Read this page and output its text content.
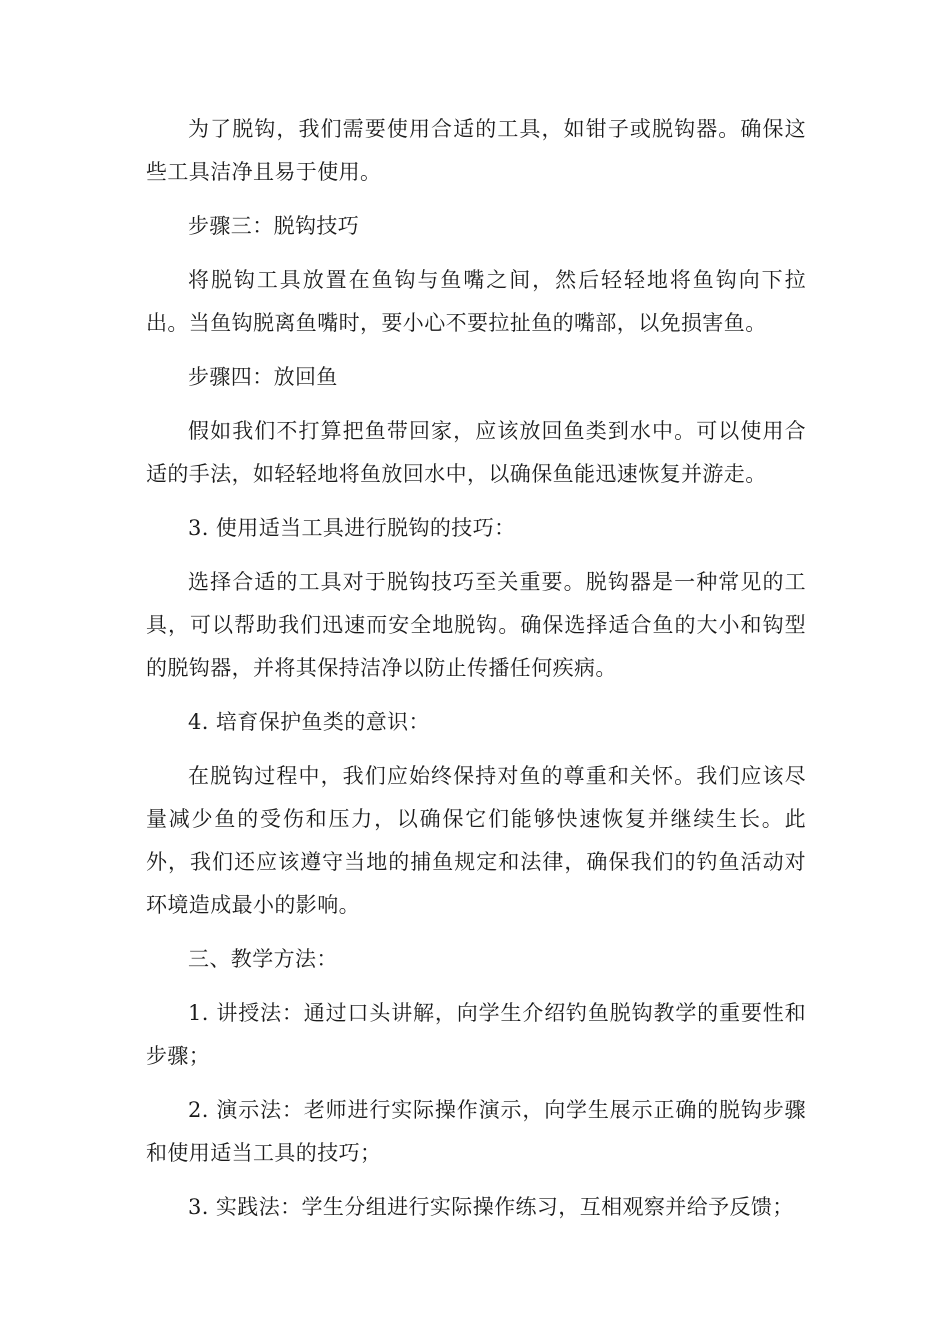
为了脱钩，我们需要使用合适的工具，如钳子或脱钩器。确保这些工具洁净且易于使用。

步骤三：脱钩技巧

将脱钩工具放置在鱼钩与鱼嘴之间，然后轻轻地将鱼钩向下拉出。当鱼钩脱离鱼嘴时，要小心不要拉扯鱼的嘴部，以免损害鱼。

步骤四：放回鱼

假如我们不打算把鱼带回家，应该放回鱼类到水中。可以使用合适的手法，如轻轻地将鱼放回水中，以确保鱼能迅速恢复并游走。

3. 使用适当工具进行脱钩的技巧：

选择合适的工具对于脱钩技巧至关重要。脱钩器是一种常见的工具，可以帮助我们迅速而安全地脱钩。确保选择适合鱼的大小和钩型的脱钩器，并将其保持洁净以防止传播任何疾病。

4. 培育保护鱼类的意识：

在脱钩过程中，我们应始终保持对鱼的尊重和关怀。我们应该尽量减少鱼的受伤和压力，以确保它们能够快速恢复并继续生长。此外，我们还应该遵守当地的捕鱼规定和法律，确保我们的钓鱼活动对环境造成最小的影响。

三、教学方法：

1. 讲授法：通过口头讲解，向学生介绍钓鱼脱钩教学的重要性和步骤；

2. 演示法：老师进行实际操作演示，向学生展示正确的脱钩步骤和使用适当工具的技巧；

3. 实践法：学生分组进行实际操作练习，互相观察并给予反馈；
